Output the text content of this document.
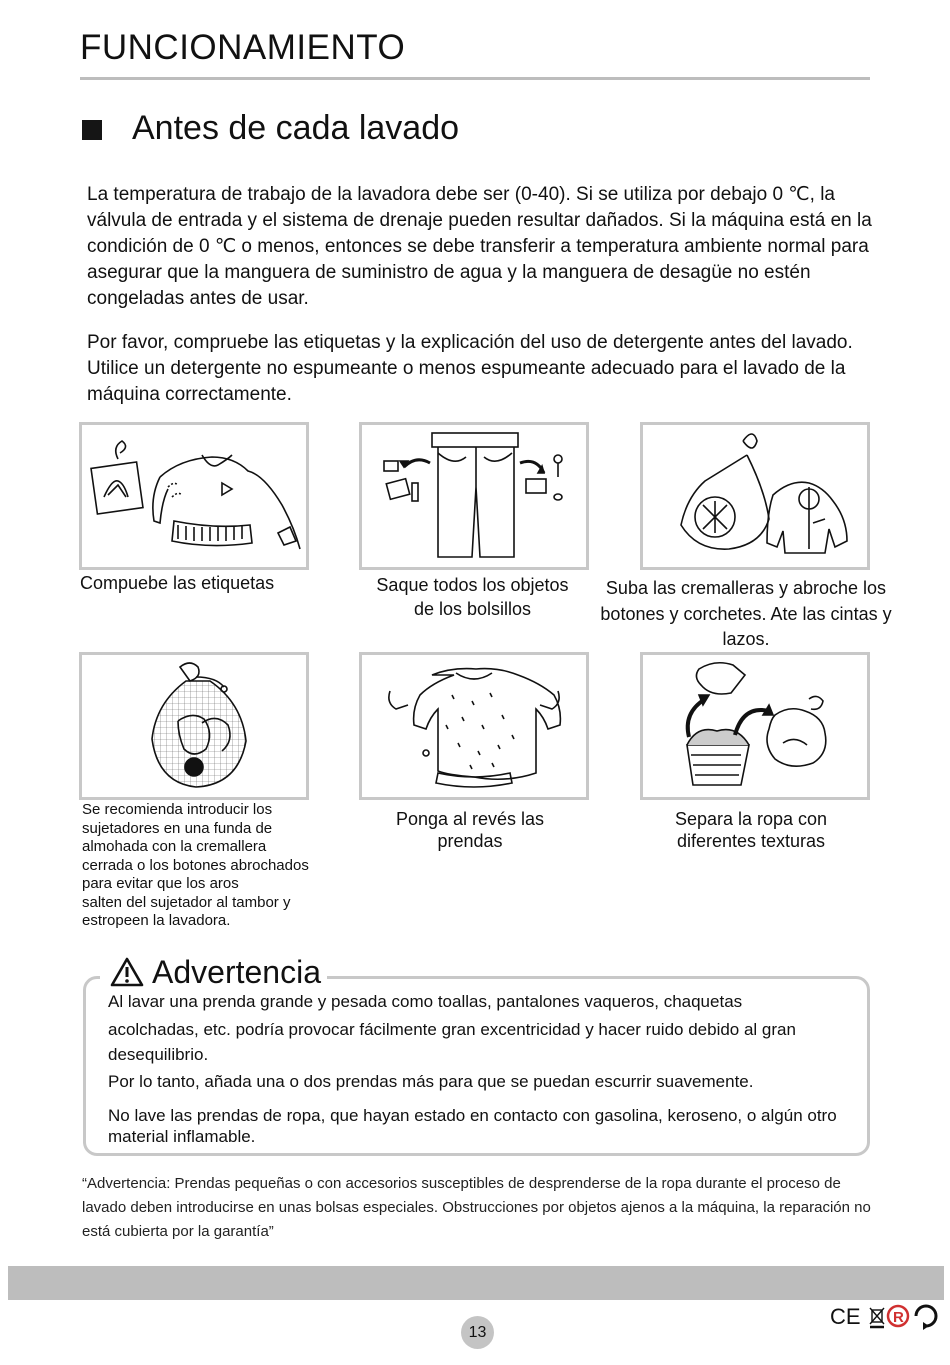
FUNCIONAMIENTO
Antes de cada lavado
La temperatura de trabajo de la lavadora debe ser (0-40). Si se utiliza por debajo 0 ℃, la válvula de entrada y el sistema de drenaje pueden resultar dañados. Si la máquina está en la condición de 0 ℃ o menos, entonces se debe transferir a temperatura ambiente normal para asegurar que la manguera de suministro de agua y la manguera de desagüe no estén congeladas antes de usar.
Por favor, compruebe las etiquetas y la explicación del uso de detergente antes del lavado. Utilice un detergente no espumeante o menos espumeante adecuado para el lavado de la máquina correctamente.
Compuebe las etiquetas	Saque todos los objetos de los bolsillos
Suba las cremalleras y abroche los botones y corchetes. Ate las cintas y lazos.
Se recomienda introducir los
sujetadores en una funda de
almohada con la cremallera
cerrada o los botones abrochados
para evitar que los aros
salten del sujetador al tambor y
estropeen la lavadora.
Ponga al revés las prendas
Separa la ropa con diferentes texturas
Advertencia
Al lavar una prenda grande y pesada como toallas, pantalones vaqueros, chaquetas
acolchadas, etc. podría provocar fácilmente gran excentricidad y hacer ruido debido al gran desequilibrio.
Por lo tanto, añada una o dos prendas más para que se puedan escurrir suavemente.
No lave las prendas de ropa, que hayan estado en contacto con gasolina, keroseno, o algún otro material inflamable.
“Advertencia: Prendas pequeñas o con accesorios susceptibles de desprenderse de la ropa durante el proceso de lavado deben introducirse en unas bolsas especiales. Obstrucciones por objetos ajenos a la máquina, la reparación no está cubierta por la garantía”
13
CE R
